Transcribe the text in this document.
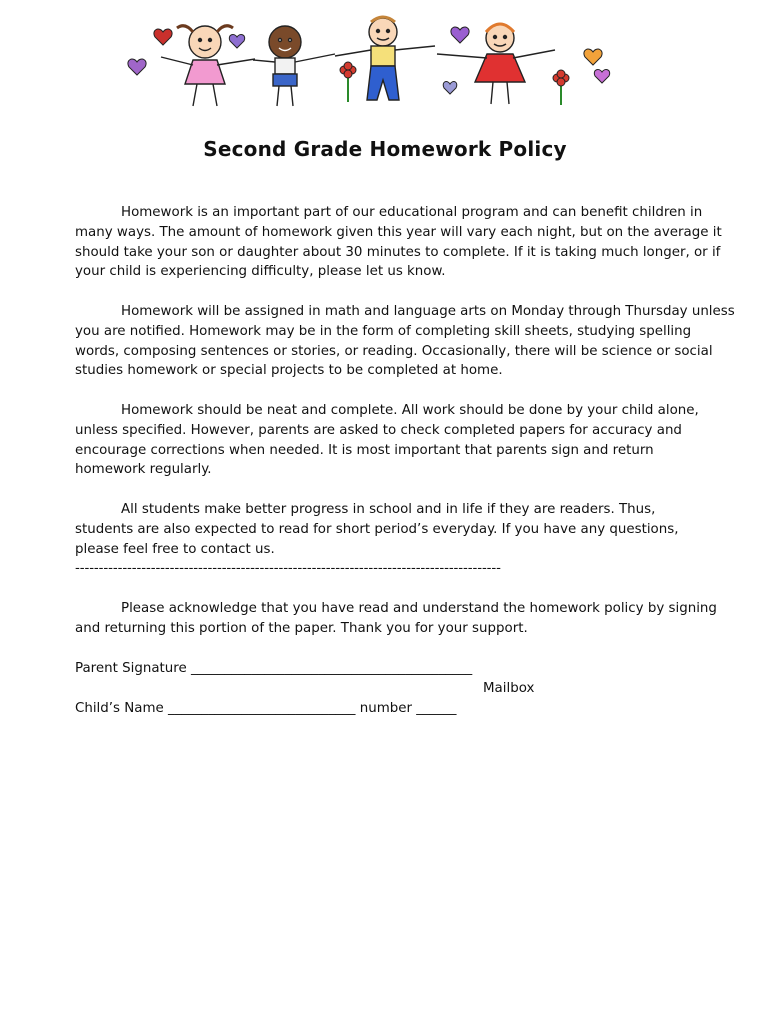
Second Grade Homework Policy
Homework is an important part of our educational program and can benefit children in
many ways. The amount of homework given this year will vary each night, but on the average it
should take your son or daughter about 30 minutes to complete. If it is taking much longer, or if
your child is experiencing difficulty, please let us know.
Homework will be assigned in math and language arts on Monday through Thursday unless
you are notified. Homework may be in the form of completing skill sheets, studying spelling
words, composing sentences or stories, or reading. Occasionally, there will be science or social
studies homework or special projects to be completed at home.
Homework should be neat and complete. All work should be done by your child alone,
unless specified. However, parents are asked to check completed papers for accuracy and
encourage corrections when needed. It is most important that parents sign and return
homework regularly.
All students make better progress in school and in life if they are readers. Thus,
students are also expected to read for short period’s everyday. If you have any questions,
please feel free to contact us.
------------------------------------------------------------------------------------------
Please acknowledge that you have read and understand the homework policy by signing
and returning this portion of the paper. Thank you for your support.
Parent Signature __________________________________________
Mailbox
Child’s Name ____________________________ number ______
